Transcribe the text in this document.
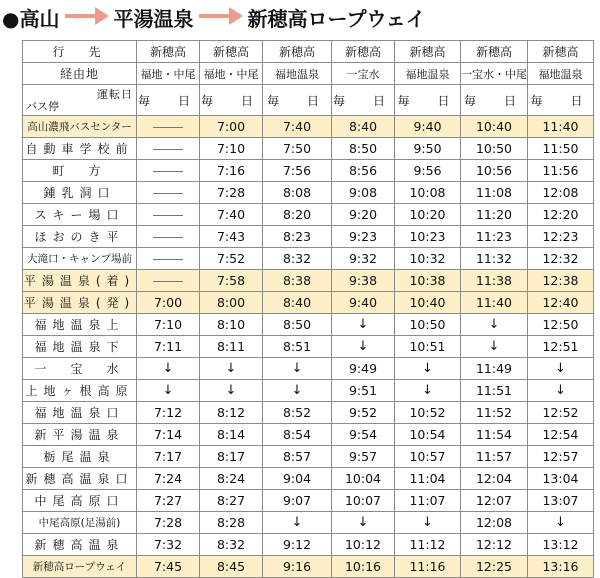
●高山	平湯温泉	新穂高ロープウェイ
行　先	新穂高	新穂高	新穂高	新穂高	新穂高	新穂高	新穂高
経由地	福地・中尾	福地・中尾	福地温泉	一宝水	福地温泉	一宝水・中尾	福地温泉

運転日
バス停	毎　日	毎　日	毎　日	毎　日	毎　日	毎　日	毎　日
高山濃飛バスセンター		7:00	7:40	8:40	9:40	10:40	11:40
自動車学校前		7:10	7:50	8:50	9:50	10:50	11:50
町　方		7:16	7:56	8:56	9:56	10:56	11:56
鍾乳洞口		7:28	8:08	9:08	10:08	11:08	12:08
スキー場口		7:40	8:20	9:20	10:20	11:20	12:20
ほおのき平		7:43	8:23	9:23	10:23	11:23	12:23
大滝口・キャンプ場前		7:52	8:32	9:32	10:32	11:32	12:32
平湯温泉(着)		7:58	8:38	9:38	10:38	11:38	12:38
平湯温泉(発)	7:00	8:00	8:40	9:40	10:40	11:40	12:40
福地温泉上	7:10	8:10	8:50	↓	10:50	↓	12:50
福地温泉下	7:11	8:11	8:51	↓	10:51	↓	12:51
一　宝　水	↓	↓	↓	9:49	↓	11:49	↓
上地ヶ根高原	↓	↓	↓	9:51	↓	11:51	↓
福地温泉口	7:12	8:12	8:52	9:52	10:52	11:52	12:52
新平湯温泉	7:14	8:14	8:54	9:54	10:54	11:54	12:54
栃尾温泉	7:17	8:17	8:57	9:57	10:57	11:57	12:57
新穂高温泉口	7:24	8:24	9:04	10:04	11:04	12:04	13:04
中尾高原口	7:27	8:27	9:07	10:07	11:07	12:07	13:07
中尾高原(足湯前)	7:28	8:28	↓	↓	↓	12:08	↓
新穂高温泉	7:32	8:32	9:12	10:12	11:12	12:12	13:12
新穂高ロープウェイ	7:45	8:45	9:16	10:16	11:16	12:25	13:16
